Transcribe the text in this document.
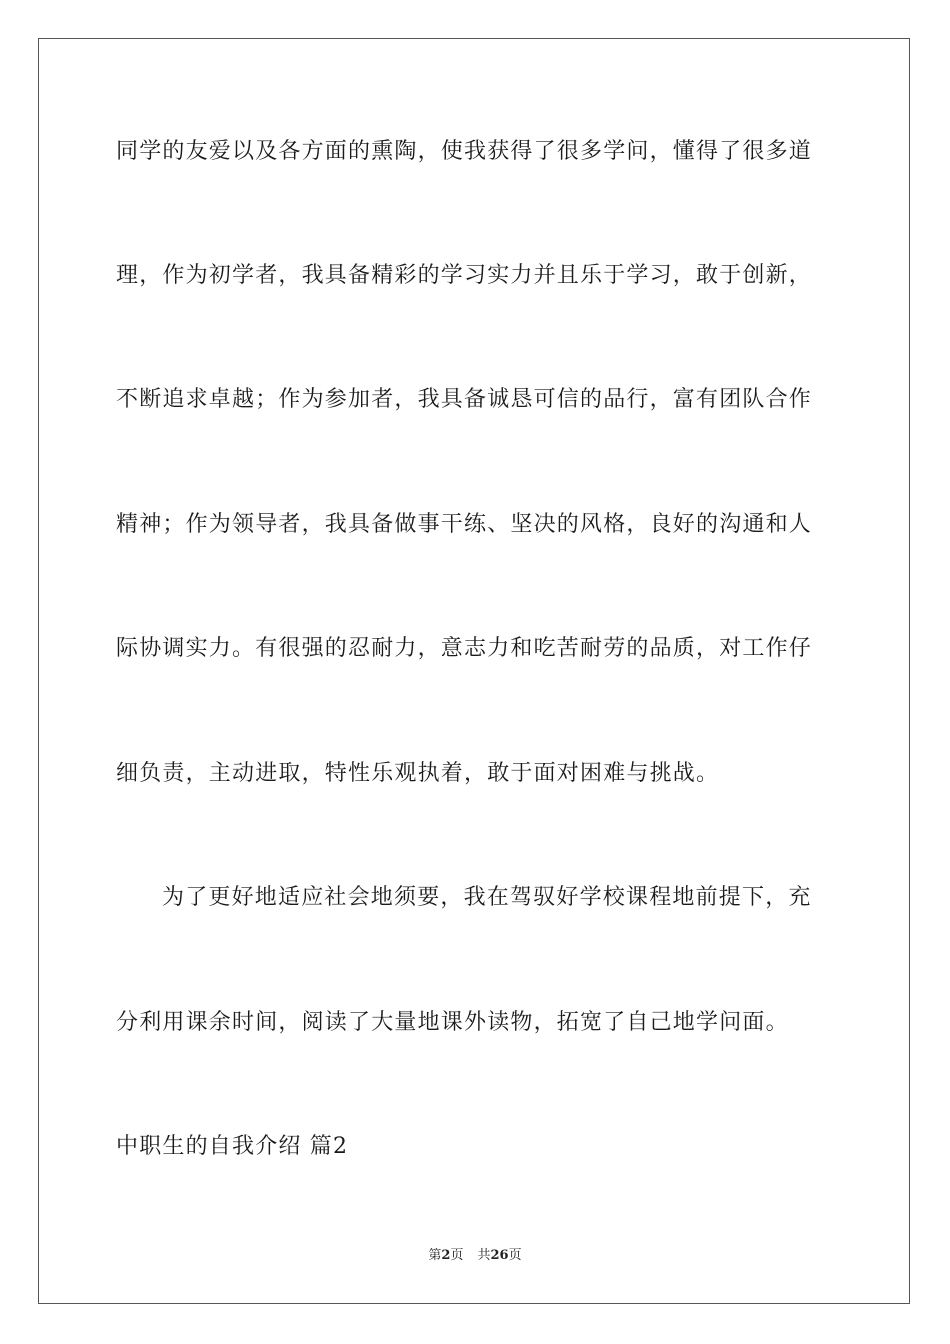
同学的友爱以及各方面的熏陶，使我获得了很多学问，懂得了很多道
理，作为初学者，我具备精彩的学习实力并且乐于学习，敢于创新，
不断追求卓越；作为参加者，我具备诚恳可信的品行，富有团队合作
精神；作为领导者，我具备做事干练、坚决的风格，良好的沟通和人
际协调实力。有很强的忍耐力，意志力和吃苦耐劳的品质，对工作仔
细负责，主动进取，特性乐观执着，敢于面对困难与挑战。
为了更好地适应社会地须要，我在驾驭好学校课程地前提下，充
分利用课余时间，阅读了大量地课外读物，拓宽了自己地学问面。
中职生的自我介绍 篇2
第2页 共26页
